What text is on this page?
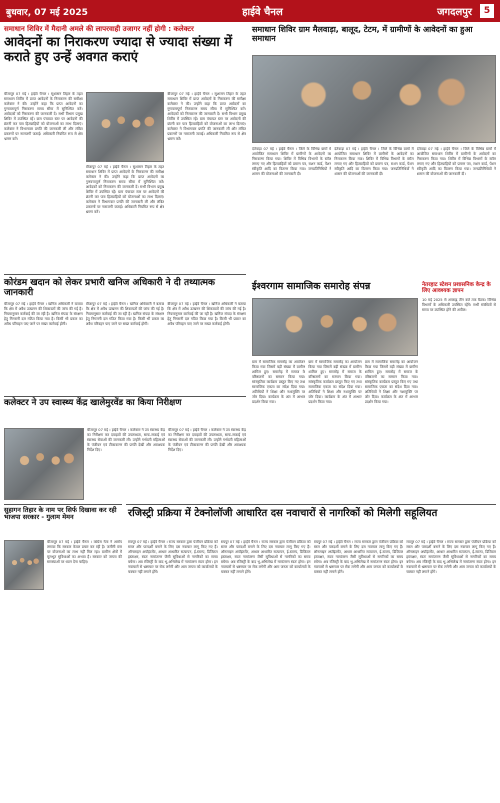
बुधवार, 07 मई 2025	हाईवे चैनल	जगदलपुर	5
समाधान शिविर में मैदानी अमले की लापरवाही उजागर नहीं होगी : कलेक्टर
आवेदनों का निराकरण ज्यादा से ज्यादा संख्या में कराते हुए उन्हें अवगत कराएं
बीजापुर 07 मई । हाईवे चैनल । सुशासन तिहार के तहत समाधान शिविर में प्राप्त आवेदनों के निराकरण की समीक्षा कलेक्टर ने की। उन्होंने कहा कि प्राप्त आवेदनों का गुणवत्तापूर्ण निराकरण समय सीमा में सुनिश्चित करें। आवेदकों को निराकरण की जानकारी दें। सभी विभाग प्रमुख शिविर में उपस्थित रहें। ग्राम पंचायत स्तर पर आवेदनों की छंटनी कर पात्र हितग्राहियों को योजनाओं का लाभ दिलाएं। कलेक्टर ने विभागवार प्रगति की जानकारी ली और लंबित प्रकरणों पर नाराजगी जताई। अधिकारी नियमित रूप से क्षेत्र भ्रमण करें।
बीजापुर 07 मई । हाईवे चैनल । सुशासन तिहार के तहत समाधान शिविर में प्राप्त आवेदनों के निराकरण की समीक्षा कलेक्टर ने की। उन्होंने कहा कि प्राप्त आवेदनों का गुणवत्तापूर्ण निराकरण समय सीमा में सुनिश्चित करें। आवेदकों को निराकरण की जानकारी दें। सभी विभाग प्रमुख शिविर में उपस्थित रहें। ग्राम पंचायत स्तर पर आवेदनों की छंटनी कर पात्र हितग्राहियों को योजनाओं का लाभ दिलाएं। कलेक्टर ने विभागवार प्रगति की जानकारी ली और लंबित प्रकरणों पर नाराजगी जताई। अधिकारी नियमित रूप से क्षेत्र भ्रमण करें।
बीजापुर 07 मई । हाईवे चैनल । सुशासन तिहार के तहत समाधान शिविर में प्राप्त आवेदनों के निराकरण की समीक्षा कलेक्टर ने की। उन्होंने कहा कि प्राप्त आवेदनों का गुणवत्तापूर्ण निराकरण समय सीमा में सुनिश्चित करें। आवेदकों को निराकरण की जानकारी दें। सभी विभाग प्रमुख शिविर में उपस्थित रहें। ग्राम पंचायत स्तर पर आवेदनों की छंटनी कर पात्र हितग्राहियों को योजनाओं का लाभ दिलाएं। कलेक्टर ने विभागवार प्रगति की जानकारी ली और लंबित प्रकरणों पर नाराजगी जताई। अधिकारी नियमित रूप से क्षेत्र भ्रमण करें।
समाधान शिविर ग्राम मैलवाड़ा, बालूद, टेटम, में ग्रामीणों के आवेदनों का हुआ समाधान
दंतेवाड़ा 07 मई । हाईवे चैनल । जिले के विभिन्न ग्रामों में आयोजित समाधान शिविर में ग्रामीणों के आवेदनों का निराकरण किया गया। शिविर में विभिन्न विभागों के स्टॉल लगाए गए और हितग्राहियों को प्रमाण पत्र, राशन कार्ड, पेंशन स्वीकृति आदि का वितरण किया गया। जनप्रतिनिधियों ने शासन की योजनाओं की जानकारी दी।
दंतेवाड़ा 07 मई । हाईवे चैनल । जिले के विभिन्न ग्रामों में आयोजित समाधान शिविर में ग्रामीणों के आवेदनों का निराकरण किया गया। शिविर में विभिन्न विभागों के स्टॉल लगाए गए और हितग्राहियों को प्रमाण पत्र, राशन कार्ड, पेंशन स्वीकृति आदि का वितरण किया गया। जनप्रतिनिधियों ने शासन की योजनाओं की जानकारी दी।
दंतेवाड़ा 07 मई । हाईवे चैनल । जिले के विभिन्न ग्रामों में आयोजित समाधान शिविर में ग्रामीणों के आवेदनों का निराकरण किया गया। शिविर में विभिन्न विभागों के स्टॉल लगाए गए और हितग्राहियों को प्रमाण पत्र, राशन कार्ड, पेंशन स्वीकृति आदि का वितरण किया गया। जनप्रतिनिधियों ने शासन की योजनाओं की जानकारी दी।
नेतरहाट स्टेशन प्रशासनिक केन्द्र के लिए आवश्यक ज्ञापन
10 मई 2025 से अपराह्न तीन बजे तक बैठक। विभिन्न विभागों के अधिकारी उपस्थित रहेंगे। सभी संबंधितों से समय पर उपस्थित होने की अपील।
कोरंडम खदान को लेकर प्रभारी खनिज अधिकारी ने दी तथ्यात्मक जानकारी
बीजापुर 07 मई । हाईवे चैनल । खनिज अधिकारी ने बताया कि क्षेत्र में अवैध उत्खनन की शिकायतों की जांच की गई है। नियमानुसार कार्रवाई की जा रही है। खनिज संपदा के संरक्षण हेतु निगरानी दल गठित किया गया है। किसी भी प्रकार का अवैध परिवहन पाए जाने पर सख्त कार्रवाई होगी।
बीजापुर 07 मई । हाईवे चैनल । खनिज अधिकारी ने बताया कि क्षेत्र में अवैध उत्खनन की शिकायतों की जांच की गई है। नियमानुसार कार्रवाई की जा रही है। खनिज संपदा के संरक्षण हेतु निगरानी दल गठित किया गया है। किसी भी प्रकार का अवैध परिवहन पाए जाने पर सख्त कार्रवाई होगी।
बीजापुर 07 मई । हाईवे चैनल । खनिज अधिकारी ने बताया कि क्षेत्र में अवैध उत्खनन की शिकायतों की जांच की गई है। नियमानुसार कार्रवाई की जा रही है। खनिज संपदा के संरक्षण हेतु निगरानी दल गठित किया गया है। किसी भी प्रकार का अवैध परिवहन पाए जाने पर सख्त कार्रवाई होगी।
ईश्वरगाम सामाजिक समारोह संपन्न
ग्राम में सामाजिक समारोह का आयोजन किया गया जिसमें बड़ी संख्या में ग्रामीण शामिल हुए। समारोह में समाज के वरिष्ठजनों का सम्मान किया गया। सांस्कृतिक कार्यक्रम प्रस्तुत किए गए तथा सामाजिक एकता का संदेश दिया गया। अतिथियों ने शिक्षा और नशामुक्ति पर जोर दिया। कार्यक्रम के अंत में आभार प्रदर्शन किया गया।
ग्राम में सामाजिक समारोह का आयोजन किया गया जिसमें बड़ी संख्या में ग्रामीण शामिल हुए। समारोह में समाज के वरिष्ठजनों का सम्मान किया गया। सांस्कृतिक कार्यक्रम प्रस्तुत किए गए तथा सामाजिक एकता का संदेश दिया गया। अतिथियों ने शिक्षा और नशामुक्ति पर जोर दिया। कार्यक्रम के अंत में आभार प्रदर्शन किया गया।
ग्राम में सामाजिक समारोह का आयोजन किया गया जिसमें बड़ी संख्या में ग्रामीण शामिल हुए। समारोह में समाज के वरिष्ठजनों का सम्मान किया गया। सांस्कृतिक कार्यक्रम प्रस्तुत किए गए तथा सामाजिक एकता का संदेश दिया गया। अतिथियों ने शिक्षा और नशामुक्ति पर जोर दिया। कार्यक्रम के अंत में आभार प्रदर्शन किया गया।
कलेक्टर ने उप स्वास्थ्य केंद्र खालेमुरवेंड का किया निरीक्षण
बीजापुर 07 मई । हाईवे चैनल । कलेक्टर ने उप स्वास्थ्य केंद्र का निरीक्षण कर दवाइयों की उपलब्धता, साफ-सफाई एवं स्वास्थ्य सेवाओं की जानकारी ली। उन्होंने गर्भवती महिलाओं के पंजीयन एवं टीकाकरण की प्रगति देखी और आवश्यक निर्देश दिए।
बीजापुर 07 मई । हाईवे चैनल । कलेक्टर ने उप स्वास्थ्य केंद्र का निरीक्षण कर दवाइयों की उपलब्धता, साफ-सफाई एवं स्वास्थ्य सेवाओं की जानकारी ली। उन्होंने गर्भवती महिलाओं के पंजीयन एवं टीकाकरण की प्रगति देखी और आवश्यक निर्देश दिए।
सुहागन तिहार के नाम पर सिर्फ दिखावा कर रही भाजपा सरकार - गुलाम मेमन
बीजापुर 07 मई । हाईवे चैनल । कांग्रेस नेता ने आरोप लगाया कि सरकार केवल प्रचार कर रही है। जमीनी स्तर पर योजनाओं का लाभ नहीं मिल रहा। ग्रामीण क्षेत्रों में मूलभूत सुविधाओं का अभाव है। सरकार को जनता की समस्याओं पर ध्यान देना चाहिए।
रजिस्ट्री प्रक्रिया में टेक्नोलॉजी आधारित दस नवाचारों से नागरिकों को मिलेगी सहूलियत
रायपुर 07 मई । हाईवे चैनल । राज्य सरकार द्वारा पंजीयन प्रक्रिया को सरल और पारदर्शी बनाने के लिए दस नवाचार लागू किए गए हैं। ऑनलाइन अपॉइंटमेंट, आधार आधारित सत्यापन, ई-स्टाम्प, डिजिटल हस्ताक्षर, स्वतः नामांतरण जैसी सुविधाओं से नागरिकों का समय बचेगा। अब रजिस्ट्री के बाद भू-अभिलेख में नामांतरण स्वतः होगा। इन नवाचारों से भ्रष्टाचार पर रोक लगेगी और आम जनता को कार्यालयों के चक्कर नहीं लगाने होंगे।
रायपुर 07 मई । हाईवे चैनल । राज्य सरकार द्वारा पंजीयन प्रक्रिया को सरल और पारदर्शी बनाने के लिए दस नवाचार लागू किए गए हैं। ऑनलाइन अपॉइंटमेंट, आधार आधारित सत्यापन, ई-स्टाम्प, डिजिटल हस्ताक्षर, स्वतः नामांतरण जैसी सुविधाओं से नागरिकों का समय बचेगा। अब रजिस्ट्री के बाद भू-अभिलेख में नामांतरण स्वतः होगा। इन नवाचारों से भ्रष्टाचार पर रोक लगेगी और आम जनता को कार्यालयों के चक्कर नहीं लगाने होंगे।
रायपुर 07 मई । हाईवे चैनल । राज्य सरकार द्वारा पंजीयन प्रक्रिया को सरल और पारदर्शी बनाने के लिए दस नवाचार लागू किए गए हैं। ऑनलाइन अपॉइंटमेंट, आधार आधारित सत्यापन, ई-स्टाम्प, डिजिटल हस्ताक्षर, स्वतः नामांतरण जैसी सुविधाओं से नागरिकों का समय बचेगा। अब रजिस्ट्री के बाद भू-अभिलेख में नामांतरण स्वतः होगा। इन नवाचारों से भ्रष्टाचार पर रोक लगेगी और आम जनता को कार्यालयों के चक्कर नहीं लगाने होंगे।
रायपुर 07 मई । हाईवे चैनल । राज्य सरकार द्वारा पंजीयन प्रक्रिया को सरल और पारदर्शी बनाने के लिए दस नवाचार लागू किए गए हैं। ऑनलाइन अपॉइंटमेंट, आधार आधारित सत्यापन, ई-स्टाम्प, डिजिटल हस्ताक्षर, स्वतः नामांतरण जैसी सुविधाओं से नागरिकों का समय बचेगा। अब रजिस्ट्री के बाद भू-अभिलेख में नामांतरण स्वतः होगा। इन नवाचारों से भ्रष्टाचार पर रोक लगेगी और आम जनता को कार्यालयों के चक्कर नहीं लगाने होंगे।
